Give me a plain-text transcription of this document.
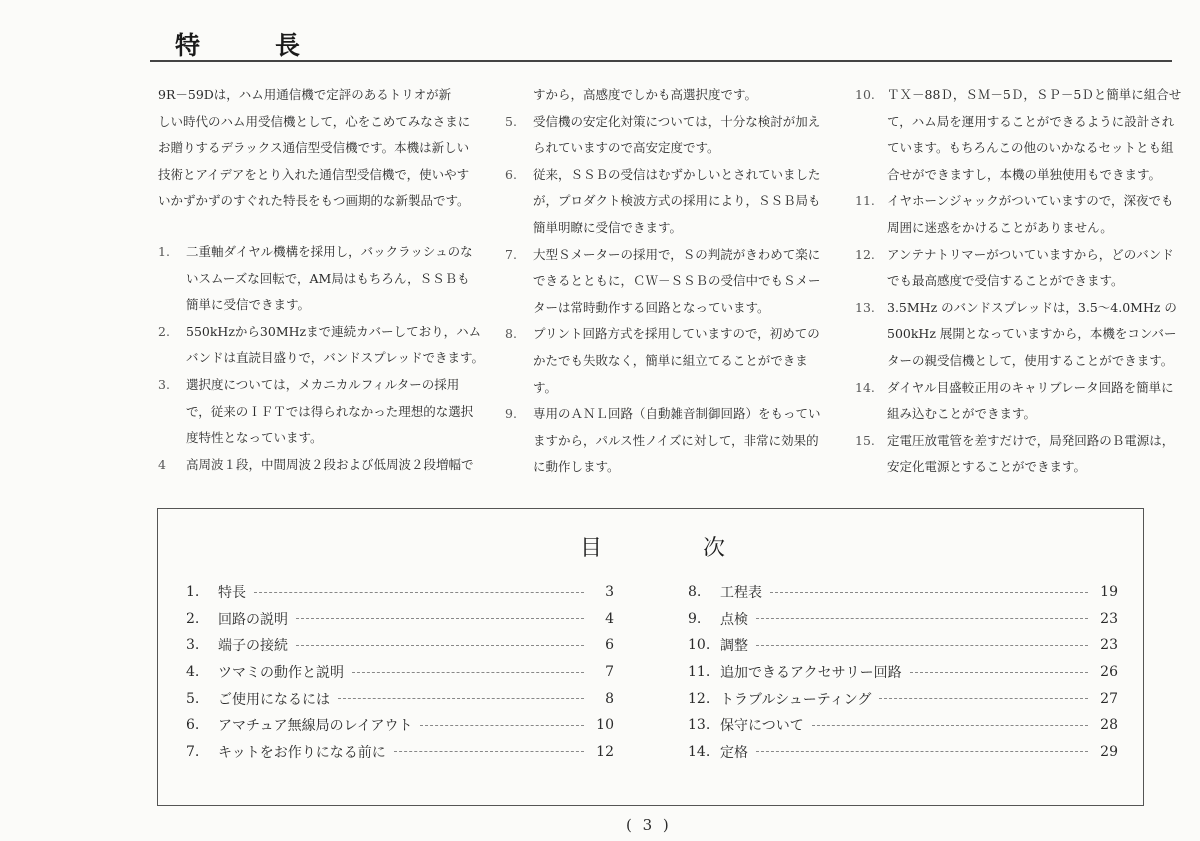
特	長
9R－59Dは，ハム用通信機で定評のあるトリオが新
しい時代のハム用受信機として，心をこめてみなさまに
お贈りするデラックス通信型受信機です。本機は新しい
技術とアイデアをとり入れた通信型受信機で，使いやす
いかずかずのすぐれた特長をもつ画期的な新製品です。
1. 二重軸ダイヤル機構を採用し，バックラッシュのな
いスムーズな回転で，AM局はもちろん，ＳＳＢも
簡単に受信できます。
2. 550kHzから30MHzまで連続カバーしており，ハム
バンドは直読目盛りで，バンドスプレッドできます。
3. 選択度については，メカニカルフィルターの採用
で，従来のＩＦＴでは得られなかった理想的な選択
度特性となっています。
4 高周波１段，中間周波２段および低周波２段増幅で
すから，高感度でしかも高選択度です。
5. 受信機の安定化対策については，十分な検討が加え
られていますので高安定度です。
6. 従来，ＳＳＢの受信はむずかしいとされていました
が，プロダクト検波方式の採用により，ＳＳＢ局も
簡単明瞭に受信できます。
7. 大型Ｓメーターの採用で，Ｓの判読がきわめて楽に
できるとともに，ＣＷ－ＳＳＢの受信中でもＳメー
ターは常時動作する回路となっています。
8. プリント回路方式を採用していますので，初めての
かたでも失敗なく，簡単に組立てることができま
す。
9. 専用のＡＮＬ回路（自動雑音制御回路）をもってい
ますから，パルス性ノイズに対して，非常に効果的
に動作します。
10. ＴＸ－88Ｄ，ＳＭ－5Ｄ，ＳＰ－5Ｄと簡単に組合せ
て，ハム局を運用することができるように設計され
ています。もちろんこの他のいかなるセットとも組
合せができますし，本機の単独使用もできます。
11. イヤホーンジャックがついていますので，深夜でも
周囲に迷惑をかけることがありません。
12. アンテナトリマーがついていますから，どのバンド
でも最高感度で受信することができます。
13. 3.5MHz のバンドスプレッドは，3.5～4.0MHz の
500kHz 展開となっていますから，本機をコンバー
ターの親受信機として，使用することができます。
14. ダイヤル目盛較正用のキャリブレータ回路を簡単に
組み込むことができます。
15. 定電圧放電管を差すだけで，局発回路のＢ電源は，
安定化電源とすることができます。
目	次
1.	特長	3
2.	回路の説明	4
3.	端子の接続	6
4.	ツマミの動作と説明	7
5.	ご使用になるには	8
6.	アマチュア無線局のレイアウト	10
7.	キットをお作りになる前に	12
8.	工程表	19
9.	点検	23
10. 調整	23
11. 追加できるアクセサリー回路	26
12. トラブルシューティング	27
13. 保守について	28
14. 定格	29
( 3 )
